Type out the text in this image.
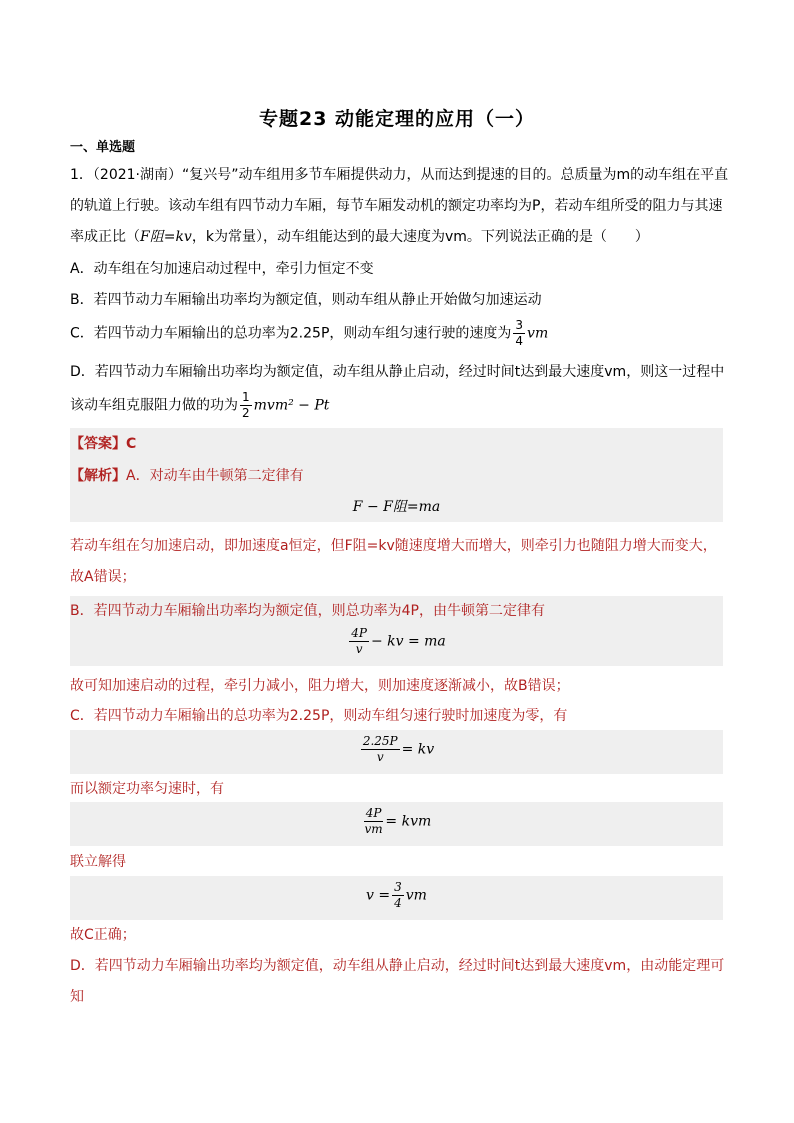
专题23 动能定理的应用（一）
一、单选题
1．（2021·湖南）“复兴号”动车组用多节车厢提供动力，从而达到提速的目的。总质量为m的动车组在平直
的轨道上行驶。该动车组有四节动力车厢，每节车厢发动机的额定功率均为P，若动车组所受的阻力与其速
率成正比（F阻=kv，k为常量），动车组能达到的最大速度为vm。下列说法正确的是（　　）
A．动车组在匀加速启动过程中，牵引力恒定不变
B．若四节动力车厢输出功率均为额定值，则动车组从静止开始做匀加速运动
C．若四节动力车厢输出的总功率为2.25P，则动车组匀速行驶的速度为 $\frac{3}{4}$ vm
D．若四节动力车厢输出功率均为额定值，动车组从静止启动，经过时间t达到最大速度vm，则这一过程中
该动车组克服阻力做的功为 $\frac{1}{2} mvm^2 - Pt$
【答案】C
【解析】A．对动车由牛顿第二定律有
F − F阻=ma
若动车组在匀加速启动，即加速度a恒定，但F阻=kv随速度增大而增大，则牵引力也随阻力增大而变大，
故A错误；
B．若四节动力车厢输出功率均为额定值，则总功率为4P，由牛顿第二定律有
$\frac{4P}{v}$ − kv = ma
故可知加速启动的过程，牵引力减小，阻力增大，则加速度逐渐减小，故B错误；
C．若四节动力车厢输出的总功率为2.25P，则动车组匀速行驶时加速度为零，有
$\frac{2.25P}{v}$ = kv
而以额定功率匀速时，有
$\frac{4P}{vm}$ = kvm
联立解得
$v = \frac{3}{4}$ vm
故C正确；
D．若四节动力车厢输出功率均为额定值，动车组从静止启动，经过时间t达到最大速度vm，由动能定理可
知
